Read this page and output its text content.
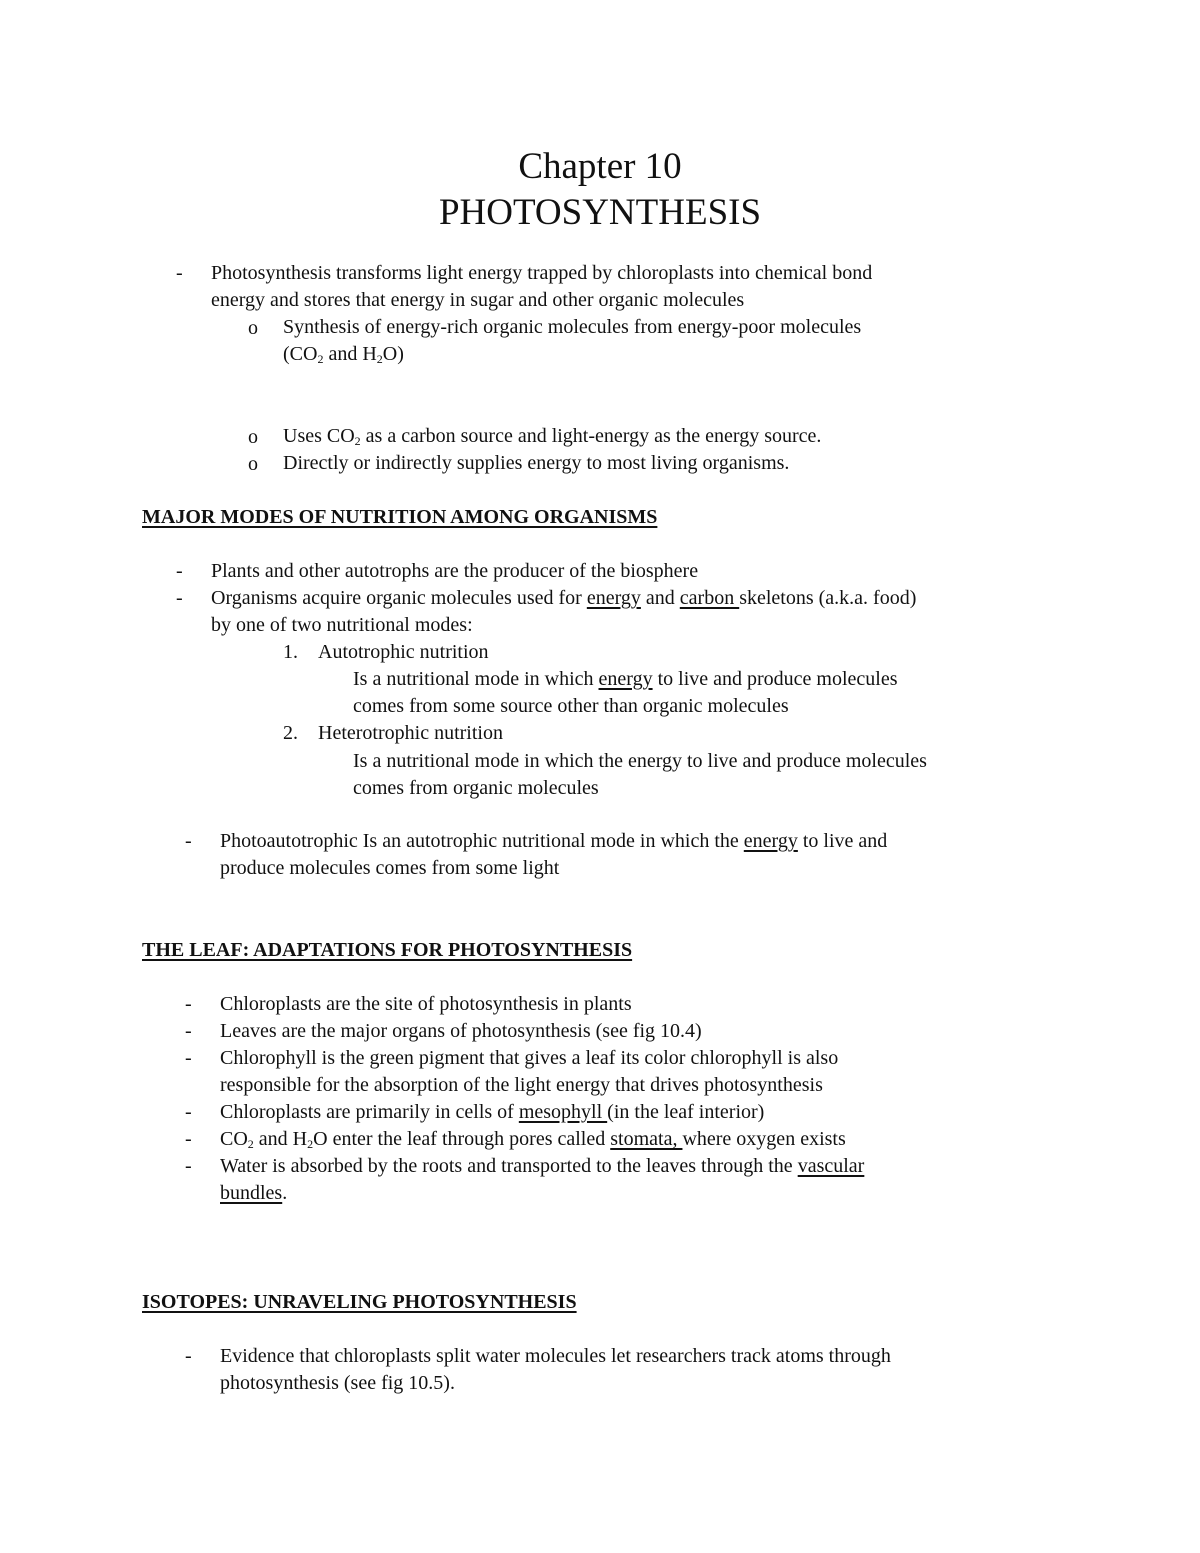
Chapter 10
PHOTOSYNTHESIS
- Photosynthesis transforms light energy trapped by chloroplasts into chemical bond
energy and stores that energy in sugar and other organic molecules
o Synthesis of energy-rich organic molecules from energy-poor molecules
($CO_2$ and $H_2O$)
o Uses $CO_2$ as a carbon source and light-energy as the energy source.
o Directly or indirectly supplies energy to most living organisms.
MAJOR MODES OF NUTRITION AMONG ORGANISMS
- Plants and other autotrophs are the producer of the biosphere
- Organisms acquire organic molecules used for energy and carbon skeletons (a.k.a. food)
by one of two nutritional modes:
1. Autotrophic nutrition
Is a nutritional mode in which energy to live and produce molecules
comes from some source other than organic molecules
2. Heterotrophic nutrition
Is a nutritional mode in which the energy to live and produce molecules
comes from organic molecules
- Photoautotrophic Is an autotrophic nutritional mode in which the energy to live and
produce molecules comes from some light
THE LEAF: ADAPTATIONS FOR PHOTOSYNTHESIS
- Chloroplasts are the site of photosynthesis in plants
- Leaves are the major organs of photosynthesis (see fig 10.4)
- Chlorophyll is the green pigment that gives a leaf its color chlorophyll is also
responsible for the absorption of the light energy that drives photosynthesis
- Chloroplasts are primarily in cells of mesophyll (in the leaf interior)
- $CO_2$ and $H_2O$ enter the leaf through pores called stomata, where oxygen exists
- Water is absorbed by the roots and transported to the leaves through the vascular
bundles.
ISOTOPES: UNRAVELING PHOTOSYNTHESIS
- Evidence that chloroplasts split water molecules let researchers track atoms through
photosynthesis (see fig 10.5).
